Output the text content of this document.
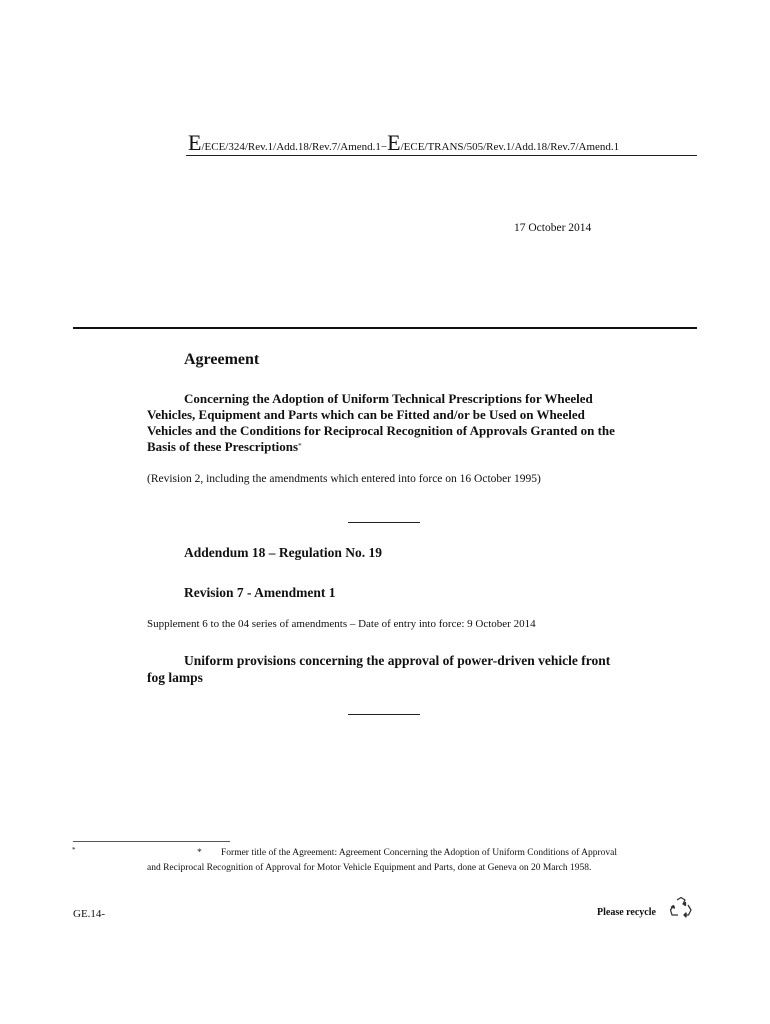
E/ECE/324/Rev.1/Add.18/Rev.7/Amend.1−E/ECE/TRANS/505/Rev.1/Add.18/Rev.7/Amend.1
17 October 2014
Agreement
Concerning the Adoption of Uniform Technical Prescriptions for Wheeled Vehicles, Equipment and Parts which can be Fitted and/or be Used on Wheeled Vehicles and the Conditions for Reciprocal Recognition of Approvals Granted on the Basis of these Prescriptions*
(Revision 2, including the amendments which entered into force on 16 October 1995)
Addendum 18 – Regulation No. 19
Revision 7 - Amendment 1
Supplement 6 to the 04 series of amendments – Date of entry into force: 9 October 2014
Uniform provisions concerning the approval of power-driven vehicle front fog lamps
*	* Former title of the Agreement: Agreement Concerning the Adoption of Uniform Conditions of Approval and Reciprocal Recognition of Approval for Motor Vehicle Equipment and Parts, done at Geneva on 20 March 1958.
GE.14-	Please recycle
